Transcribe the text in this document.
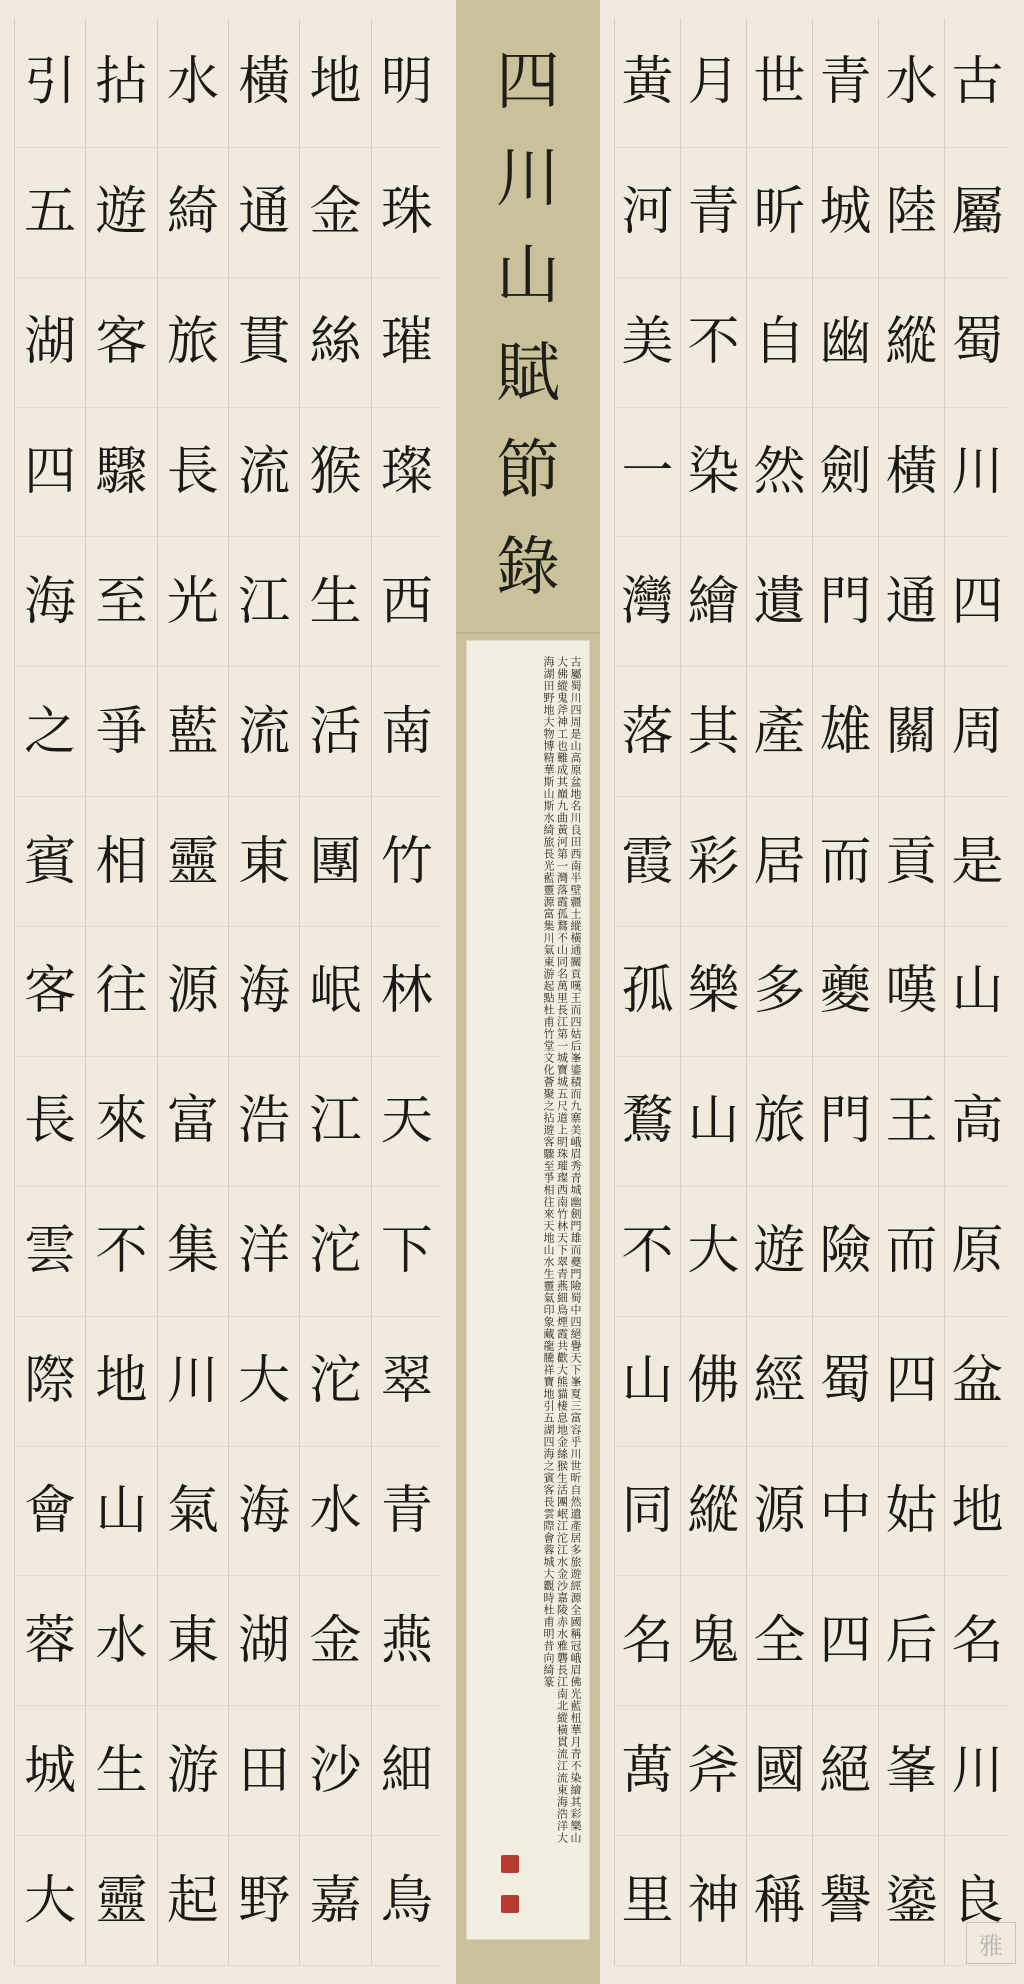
明
珠
璀
璨
西
南
竹
林
天
下
翠
青
燕
細
鳥
地
金
絲
猴
生
活
團
岷
江
沱
沱
水
金
沙
嘉
橫
通
貫
流
江
流
東
海
浩
洋
大
海
湖
田
野
水
綺
旅
長
光
藍
靈
源
富
集
川
氣
東
游
起
拈
遊
客
驟
至
爭
相
往
來
不
地
山
水
生
靈
引
五
湖
四
海
之
賓
客
長
雲
際
會
蓉
城
大
四
川
山
賦
節
錄
古屬蜀川四周是山高原盆地名川良田西南半壁疆土縱橫通關貢嘆王而四姑后峯鎏積而九寨美峨眉秀青城幽劍門雄而夔門險蜀中四絕譽天下峯夏三富容乎川世昕自然遺產居多旅遊經源全國稱冠峨眉佛光藍杻華月青不染繪其彩樂山大佛縱鬼斧神工也難成其巔九曲黃河第一灣落霞孤鶩不山同名萬里長江第一城寶城五尺道上明珠璀璨西南竹林天下翠青燕細鳥煙霞共歡大熊貓棲息地金絲猴生活團岷江沱江水金沙嘉陵赤水雅礱長江南北縱橫貫流江流東海浩洋大海湖田野地大物博精華斯山斯水綺旅長光藍靈源富集川氣東游起點杜甫竹堂文化薈聚之拈遊客驟至爭相往來天地山水生靈氣印象藏龍騰祥寶地引五湖四海之賓客長雲際會蓉城大觀時杜甫明昔向綺篆
古
屬
蜀
川
四
周
是
山
高
原
盆
地
名
川
良
水
陸
縱
橫
通
關
貢
嘆
王
而
四
姑
后
峯
鎏
青
城
幽
劍
門
雄
而
夔
門
險
蜀
中
四
絕
譽
世
昕
自
然
遺
產
居
多
旅
遊
經
源
全
國
稱
月
青
不
染
繪
其
彩
樂
山
大
佛
縱
鬼
斧
神
黃
河
美
一
灣
落
霞
孤
鶩
不
山
同
名
萬
里
雅
